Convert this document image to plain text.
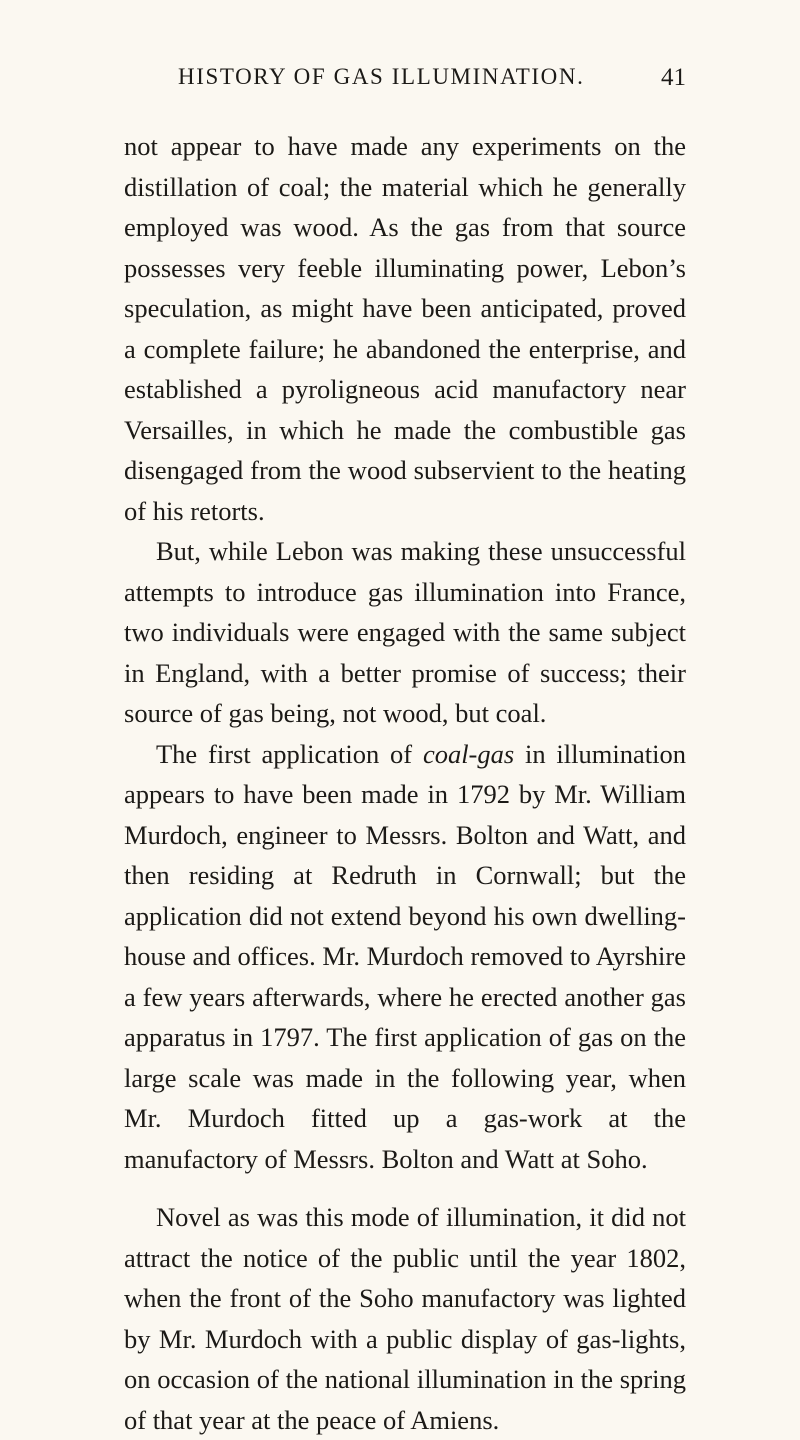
HISTORY OF GAS ILLUMINATION.	41

not appear to have made any experiments on the distillation of coal; the material which he generally employed was wood. As the gas from that source possesses very feeble illuminating power, Lebon’s speculation, as might have been anticipated, proved a complete failure; he abandoned the enterprise, and established a pyroligneous acid manufactory near Versailles, in which he made the combustible gas disengaged from the wood subservient to the heating of his retorts.

But, while Lebon was making these unsuccessful attempts to introduce gas illumination into France, two individuals were engaged with the same subject in England, with a better promise of success; their source of gas being, not wood, but coal.

The first application of coal-gas in illumination appears to have been made in 1792 by Mr. William Murdoch, engineer to Messrs. Bolton and Watt, and then residing at Redruth in Cornwall; but the application did not extend beyond his own dwelling-house and offices. Mr. Murdoch removed to Ayrshire a few years afterwards, where he erected another gas apparatus in 1797. The first application of gas on the large scale was made in the following year, when Mr. Murdoch fitted up a gas-work at the manufactory of Messrs. Bolton and Watt at Soho.

Novel as was this mode of illumination, it did not attract the notice of the public until the year 1802, when the front of the Soho manufactory was lighted by Mr. Murdoch with a public display of gas-lights, on occasion of the national illumination in the spring of that year at the peace of Amiens.
